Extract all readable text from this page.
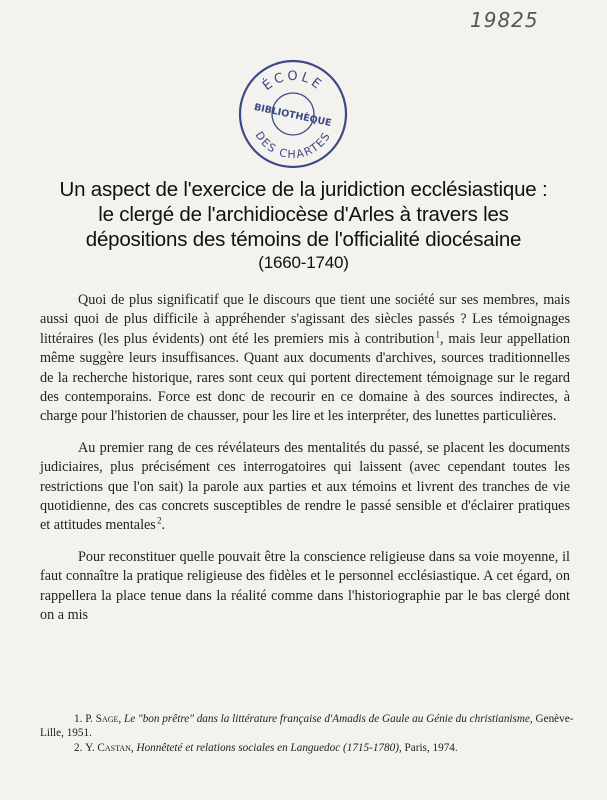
19825
ÉCOLE
BIBLIOTHÈQUE
DES CHARTES
Un aspect de l'exercice de la juridiction ecclésiastique :
le clergé de l'archidiocèse d'Arles à travers les
dépositions des témoins de l'officialité diocésaine
(1660-1740)

Quoi de plus significatif que le discours que tient une société sur ses membres, mais aussi quoi de plus difficile à appréhender s'agissant des siècles passés ? Les témoignages littéraires (les plus évidents) ont été les premiers mis à contribution $^1$, mais leur appellation même suggère leurs insuffisances. Quant aux documents d'archives, sources traditionnelles de la recherche historique, rares sont ceux qui portent directement témoignage sur le regard des contemporains. Force est donc de recourir en ce domaine à des sources indirectes, à charge pour l'historien de chausser, pour les lire et les interpréter, des lunettes particulières.

Au premier rang de ces révélateurs des mentalités du passé, se placent les documents judiciaires, plus précisément ces interrogatoires qui laissent (avec cependant toutes les restrictions que l'on sait) la parole aux parties et aux témoins et livrent des tranches de vie quotidienne, des cas concrets susceptibles de rendre le passé sensible et d'éclairer pratiques et attitudes mentales $^2$.

Pour reconstituer quelle pouvait être la conscience religieuse dans sa voie moyenne, il faut connaître la pratique religieuse des fidèles et le personnel ecclésiastique. A cet égard, on rappellera la place tenue dans la réalité comme dans l'historiographie par le bas clergé dont on a mis

1. P. Sage, Le "bon prêtre" dans la littérature française d'Amadis de Gaule au Génie du christianisme, Genève-Lille, 1951.
2. Y. Castan, Honnêteté et relations sociales en Languedoc (1715-1780), Paris, 1974.
